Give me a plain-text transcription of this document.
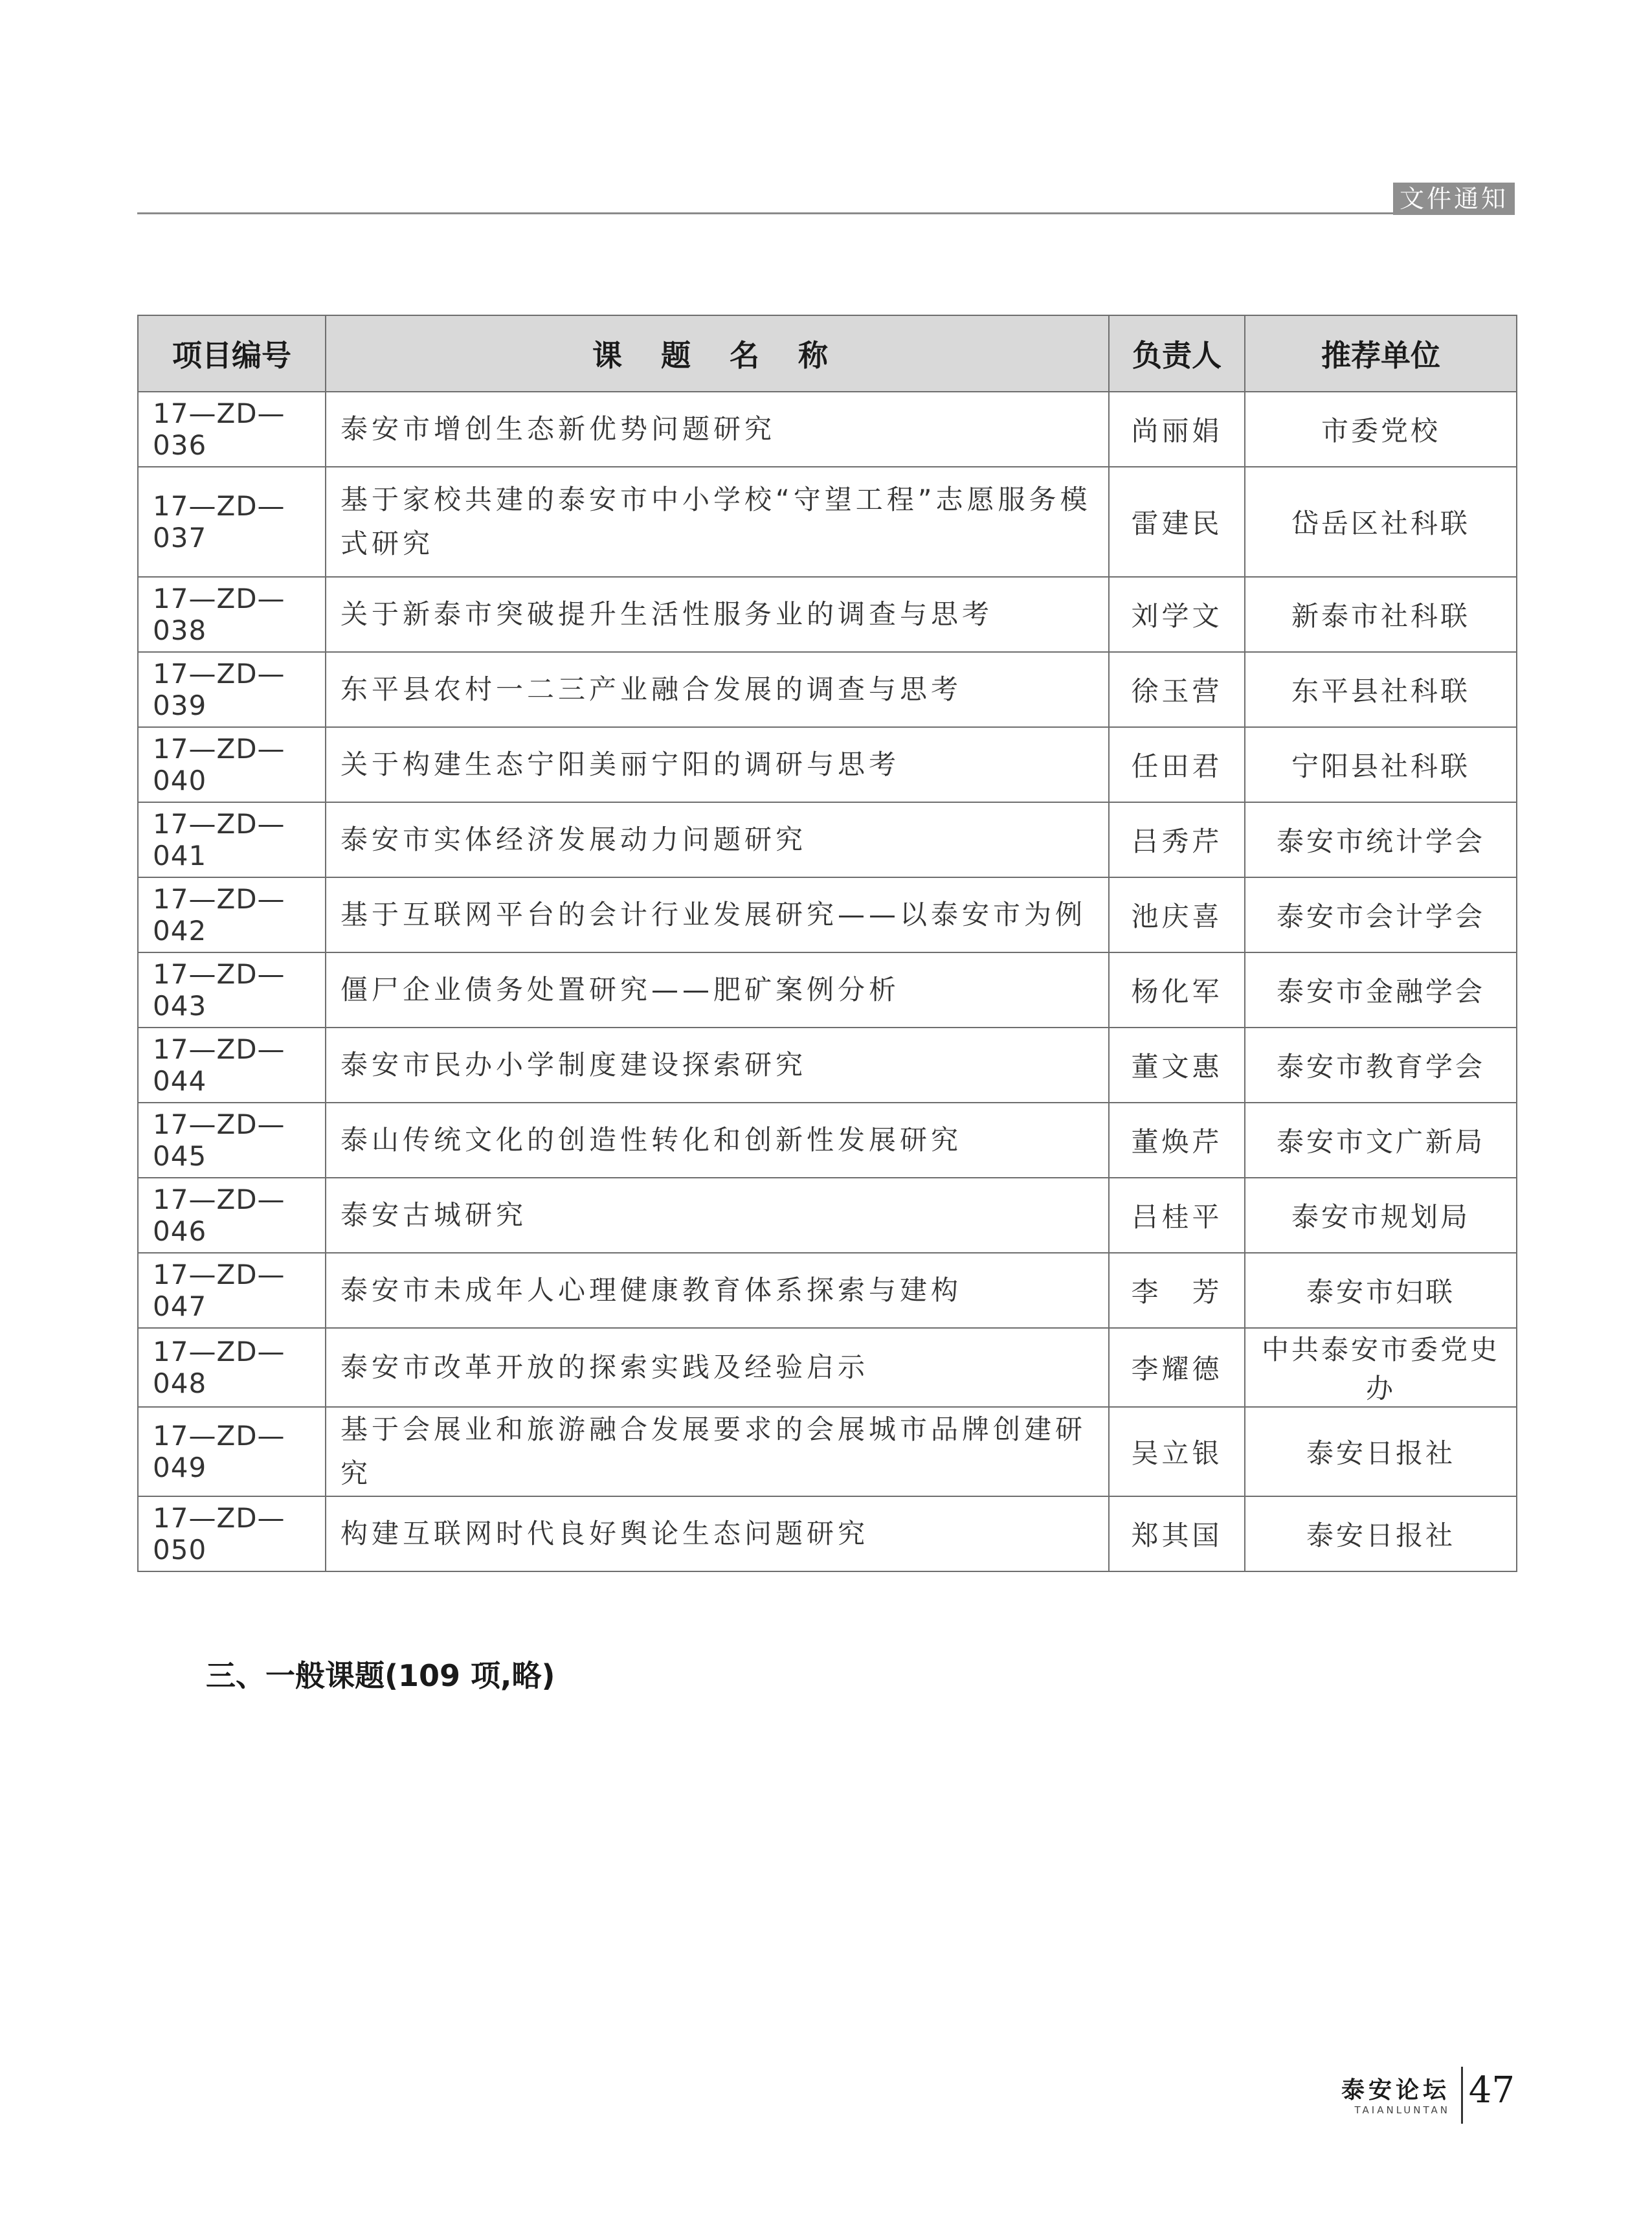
文件通知
项目编号	课 题 名 称	负责人	推荐单位
17—ZD—036	泰安市增创生态新优势问题研究	尚丽娟	市委党校
17—ZD—037	基于家校共建的泰安市中小学校“守望工程”志愿服务模式研究	雷建民	岱岳区社科联
17—ZD—038	关于新泰市突破提升生活性服务业的调查与思考	刘学文	新泰市社科联
17—ZD—039	东平县农村一二三产业融合发展的调查与思考	徐玉营	东平县社科联
17—ZD—040	关于构建生态宁阳美丽宁阳的调研与思考	任田君	宁阳县社科联
17—ZD—041	泰安市实体经济发展动力问题研究	吕秀芹	泰安市统计学会
17—ZD—042	基于互联网平台的会计行业发展研究——以泰安市为例	池庆喜	泰安市会计学会
17—ZD—043	僵尸企业债务处置研究——肥矿案例分析	杨化军	泰安市金融学会
17—ZD—044	泰安市民办小学制度建设探索研究	董文惠	泰安市教育学会
17—ZD—045	泰山传统文化的创造性转化和创新性发展研究	董焕芹	泰安市文广新局
17—ZD—046	泰安古城研究	吕桂平	泰安市规划局
17—ZD—047	泰安市未成年人心理健康教育体系探索与建构	李　芳	泰安市妇联
17—ZD—048	泰安市改革开放的探索实践及经验启示	李耀德	中共泰安市委党史办
17—ZD—049	基于会展业和旅游融合发展要求的会展城市品牌创建研究	吴立银	泰安日报社
17—ZD—050	构建互联网时代良好舆论生态问题研究	郑其国	泰安日报社
三、一般课题(109 项,略)
泰安论坛
TAIANLUNTAN 47
